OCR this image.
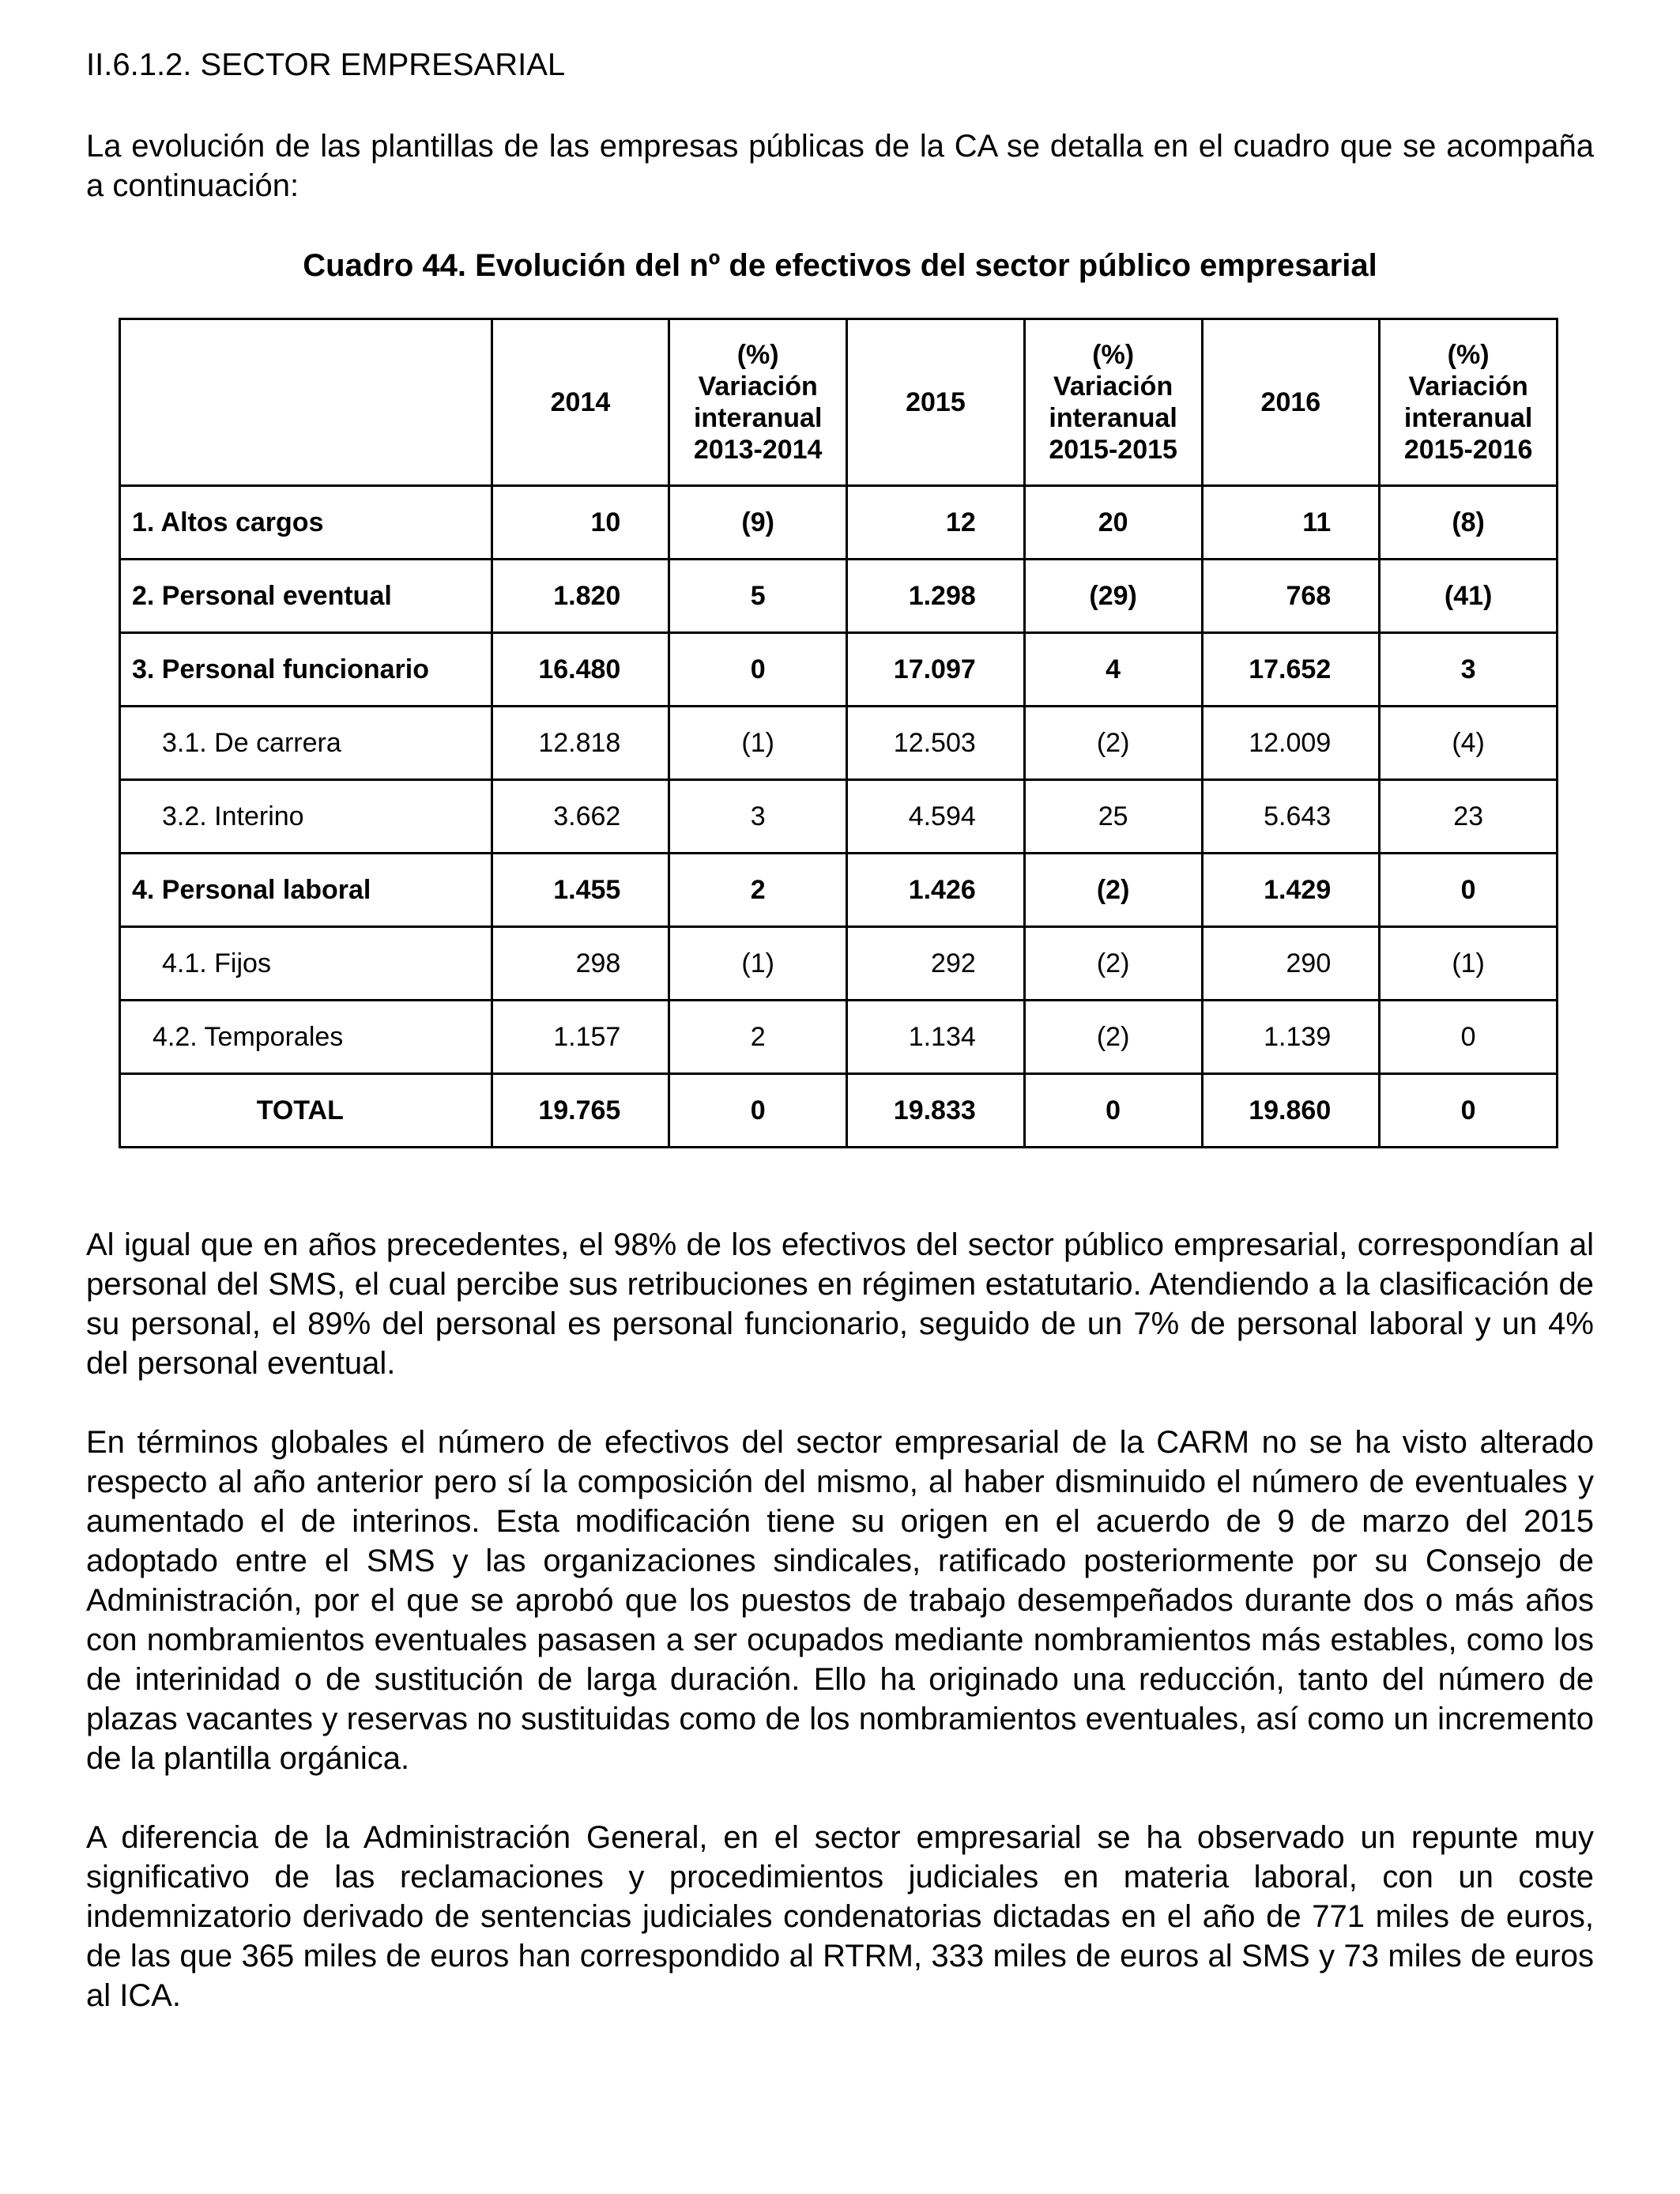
II.6.1.2. SECTOR EMPRESARIAL

La evolución de las plantillas de las empresas públicas de la CA se detalla en el cuadro que se acompaña a continuación:

Cuadro 44. Evolución del nº de efectivos del sector público empresarial
	2014	(%)
Variación
interanual
2013-2014	2015	(%)
Variación
interanual
2015-2015	2016	(%)
Variación
interanual
2015-2016
1. Altos cargos	10	(9)	12	20	11	(8)
2. Personal eventual	1.820	5	1.298	(29)	768	(41)
3. Personal funcionario	16.480	0	17.097	4	17.652	3
3.1. De carrera	12.818	(1)	12.503	(2)	12.009	(4)
3.2. Interino	3.662	3	4.594	25	5.643	23
4. Personal laboral	1.455	2	1.426	(2)	1.429	0
4.1. Fijos	298	(1)	292	(2)	290	(1)
4.2. Temporales	1.157	2	1.134	(2)	1.139	0
TOTAL	19.765	0	19.833	0	19.860	0

Al igual que en años precedentes, el 98% de los efectivos del sector público empresarial, correspondían al personal del SMS, el cual percibe sus retribuciones en régimen estatutario. Atendiendo a la clasificación de su personal, el 89% del personal es personal funcionario, seguido de un 7% de personal laboral y un 4% del personal eventual.

En términos globales el número de efectivos del sector empresarial de la CARM no se ha visto alterado respecto al año anterior pero sí la composición del mismo, al haber disminuido el número de eventuales y aumentado el de interinos. Esta modificación tiene su origen en el acuerdo de 9 de marzo del 2015 adoptado entre el SMS y las organizaciones sindicales, ratificado posteriormente por su Consejo de Administración, por el que se aprobó que los puestos de trabajo desempeñados durante dos o más años con nombramientos eventuales pasasen a ser ocupados mediante nombramientos más estables, como los de interinidad o de sustitución de larga duración. Ello ha originado una reducción, tanto del número de plazas vacantes y reservas no sustituidas como de los nombramientos eventuales, así como un incremento de la plantilla orgánica.

A diferencia de la Administración General, en el sector empresarial se ha observado un repunte muy significativo de las reclamaciones y procedimientos judiciales en materia laboral, con un coste indemnizatorio derivado de sentencias judiciales condenatorias dictadas en el año de 771 miles de euros, de las que 365 miles de euros han correspondido al RTRM, 333 miles de euros al SMS y 73 miles de euros al ICA.
